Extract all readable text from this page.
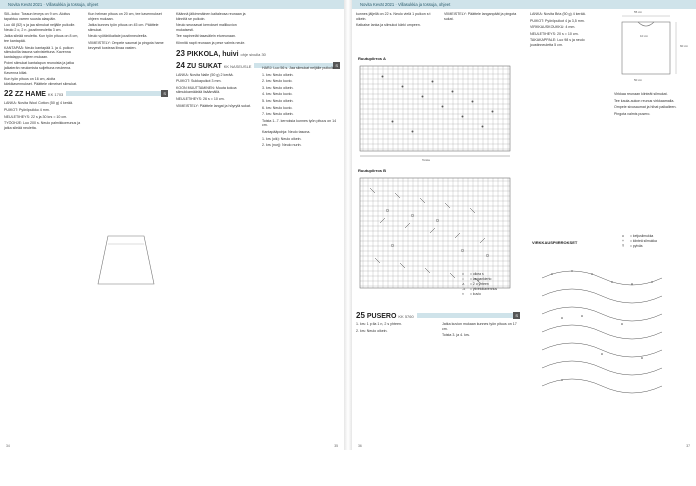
Novita Kevät 2021 · Villasukkia ja tossuja, ohjeet

SIIL-koko: Tossun leveys on 9 cm. Aloitus tapahtuu varren suusta alaspäin.

Luo 48 (52) s ja jaa silmukat neljälle puikolle. Neulo 2 o, 2 n -joustinneuletta 3 cm.

Jatka sileää neuletta. Kun työn pituus on 8 cm, tee kantapää.

KANTAPÄÄ: Neulo kantapää 1. ja 4. puikon silmukoilla tasona vahvistettuna. Kavenna kantalappu ohjeen mukaan.

Poimi silmukat kantalapun reunoista ja jatka jalkaterän neulomista suljettuna neuleena. Kavenna kiilat.

Kun työn pituus on 16 cm, aloita kärkikavennukset. Päättele viimeiset silmukat.

22 ZZ HAME KK 1703	S

LANKA: Novita Wool Cotton (50 g) 4 kerää.

PUIKOT: Pyöröpuikko 4 mm.

NEULETIHEYS: 22 s ja 30 krs = 10 cm.

TYÖOHJE: Luo 200 s. Neulo palmikkoreunus ja jatka sileää neuletta.

Kun helman pituus on 20 cm, tee kavennukset ohjeen mukaan.

Jatka kunnes työn pituus on 45 cm. Päättele silmukat.

Neulo vyötärökaitale joustinneuleella.

VIIMEISTELY: Ompele saumat ja pingota hame kevyesti kosteaa liinaa vasten.

Käännä jälkimmäinen kaitaleosa reunaan ja kiinnitä se puikoin.

Neulo seuraavat kerrokset mallikuvion mukaisesti.

Tee napinreiät tasavälein etureunaan.

Kiinnitä napit reunaan ja pese valmis neule.

23 PIKKOLA, huivi ohje sivulla 30
24 ZU SUKAT KK NASEUSLE	S

LANKA: Novita Nalle (50 g) 2 kerää.

PUIKOT: Sukkapuikot 3 mm.

KOON MUUTTAMINEN: Muuta kokoa silmukkamäärää lisäämällä.

NEULETIHEYS: 26 s = 10 cm.

VIIMEISTELY: Päättele langat ja höyrytä sukat.

HARJ: Luo 56 s. Jaa silmukat neljälle puikolle.

1. krs: Neulo oikein.

2. krs: Neulo kuvio.

3. krs: Neulo oikein.

4. krs: Neulo kuvio.

5. krs: Neulo oikein.

6. krs: Neulo kuvio.

7. krs: Neulo oikein.

Toista 1.-7. kerroksia kunnes työn pituus on 14 cm.

Kantapääpohja: Neulo tasona.

1. krs (oik): Neulo oikein.

2. krs (nurj): Neulo nurin.

34	35
Novita Kevät 2021 · Villasukkia ja tossuja, ohjeet

kunnes jäljellä on 22 s. Neulo vielä 1 puikon s:t oikein.

Katkaise lanka ja silmukoi kärki umpeen.

VIIMEISTELY: Päättele langanpäät ja pingota sukat.

Ruutupiirros A
Toista
Ruutupiirros B
□ = oikea s
○ = langankierto
⋏ = 2 o yhteen
⋌ = ylivetokavennus
× = kuvio
25 PUSERO KK 5760	S

1. krs: 1 p:lla 1 n, 2 s yhteen.

2. krs: Neulo oikein.

Jatka kuvion mukaan kunnes työn pituus on 17 cm.

Toista 3. ja 4. krs.

LANKA: Novita Bria (50 g) 4 kerää.

PUIKOT: Pyöröpuikot 4 ja 3,5 mm.

VIRKKAUSKOUKKU: 4 mm.

NEULETIHEYS: 20 s = 10 cm.

TAKAKAPPALE: Luo 98 s ja neulo joustinneuletta 5 cm.

55 cm
10 cm
50 cm
60 cm

Virkkaa reunaan kiinteät silmukat.

Tee kaula-aukon reunus virkkaamalla.

Ompele sivusaumat ja hihat paikalleen.

Pingota valmis pusero.

VIRKKAUSPIIRROKSET
o = ketjusilmukka
+ = kiinteä silmukka
Ŧ = pylväs
36	37
